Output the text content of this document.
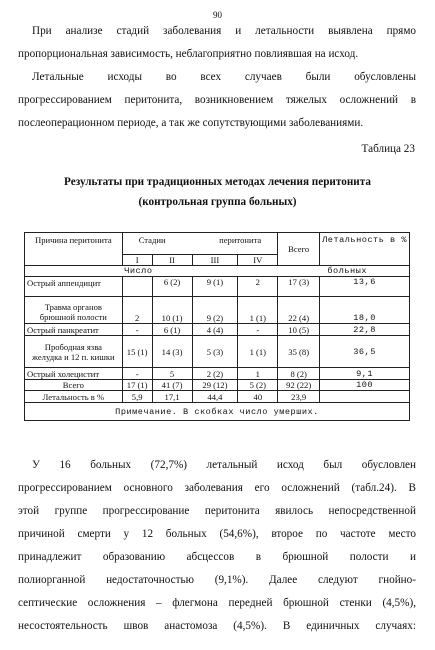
90

При анализе стадий заболевания и летальности выявлена прямо
пропорциональная зависимость, неблагоприятно повлиявшая на исход.

Летальные исходы во всех случаев были обусловлены
прогрессированием перитонита, возникновением тяжелых осложнений в
послеоперационном периоде, а так же сопутствующими заболеваниями.

Таблица 23
Результаты при традиционных методах лечения перитонита
(контрольная группа больных)
Причина перитонита	Стадии перитонита				Всего	Летальность в %
	I	II	III	IV		

	Число больных					

Острый аппендицит		6 (2)	9 (1)	2	17 (3)	13,6
Травма органов брюшной полости	2	10 (1)	9 (2)	1 (1)	22 (4)	18,0
Острый панкреатит	-	6 (1)	4 (4)	-	10 (5)	22,8
Прободная язва желудка и 12 п. кишки	15 (1)	14 (3)	5 (3)	1 (1)	35 (8)	36,5
Острый холецистит	-	5	2 (2)	1	8 (2)	9,1
Всего	17 (1)	41 (7)	29 (12)	5 (2)	92 (22)	100
Летальность в %	5,9	17,1	44,4	40	23,9	
Примечание. В скобках число умерших.						

У 16 больных (72,7%) летальный исход был обусловлен
прогрессированием основного заболевания его осложнений (табл.24). В
этой группе прогрессирование перитонита явилось непосредственной
причиной смерти у 12 больных (54,6%), второе по частоте место
принадлежит образованию абсцессов в брюшной полости и
полиорганной недостаточностью (9,1%). Далее следуют гнойно-
септические осложнения – флегмона передней брюшной стенки (4,5%),
несостоятельность швов анастомоза (4,5%). В единичных случаях:
